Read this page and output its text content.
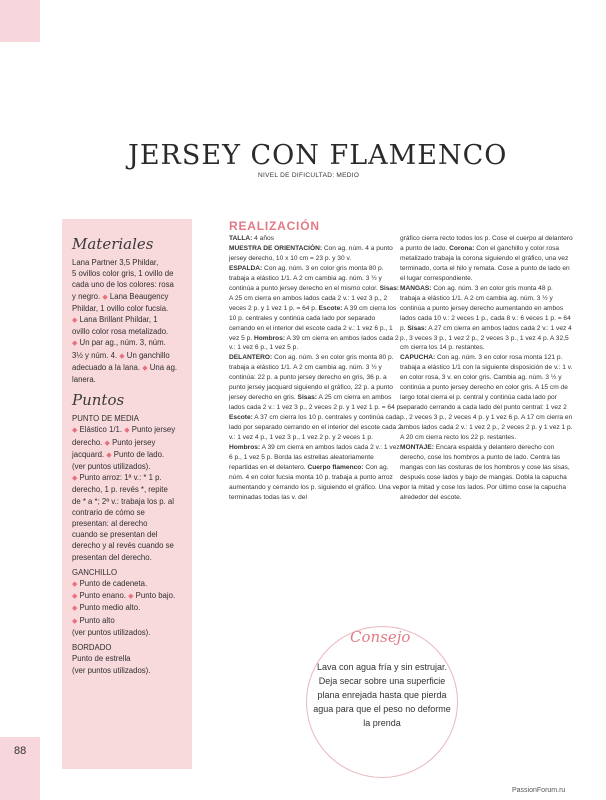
88
JERSEY CON FLAMENCO
NIVEL DE DIFICULTAD: MEDIO
Materiales

Lana Partner 3,5 Phildar,

5 ovillos color gris, 1 ovillo de

cada uno de los colores: rosa

y negro. ◆ Lana Beaugency

Phildar, 1 ovillo color fucsia.

◆ Lana Brillant Phildar, 1

ovillo color rosa metalizado.

◆ Un par ag., núm. 3, núm.

3½ y núm. 4. ◆ Un ganchillo

adecuado a la lana. ◆ Una ag.

lanera.

Puntos

PUNTO DE MEDIA

◆ Elástico 1/1. ◆ Punto jersey

derecho. ◆ Punto jersey

jacquard. ◆ Punto de lado.

(ver puntos utilizados).

◆ Punto arroz: 1ª v.: * 1 p.

derecho, 1 p. revés *, repite

de * a *; 2ª v.: trabaja los p. al

contrario de cómo se

presentan: al derecho

cuando se presentan del

derecho y al revés cuando se

presentan del derecho.

GANCHILLO

◆ Punto de cadeneta.

◆ Punto enano. ◆ Punto bajo.

◆ Punto medio alto.

◆ Punto alto

(ver puntos utilizados).

BORDADO

Punto de estrella

(ver puntos utilizados).

REALIZACIÓN
TALLA: 4 años
MUESTRA DE ORIENTACIÓN: Con ag. núm. 4 a punto jersey derecho, 10 x 10 cm = 23 p. y 30 v.
ESPALDA: Con ag. núm. 3 en color gris monta 80 p. trabaja a elástico 1/1. A 2 cm cambia ag. núm. 3 ½ y continúa a punto jersey derecho en el mismo color. Sisas: A 25 cm cierra en ambos lados cada 2 v.: 1 vez 3 p., 2 veces 2 p. y 1 vez 1 p. = 64 p. Escote: A 39 cm cierra los 10 p. centrales y continúa cada lado por separado cerrando en el interior del escote cada 2 v.: 1 vez 6 p., 1 vez 5 p. Hombros: A 39 cm cierra en ambos lados cada 2 v.: 1 vez 6 p., 1 vez 5 p.
DELANTERO: Con ag. núm. 3 en color gris monta 80 p. trabaja a elástico 1/1. A 2 cm cambia ag. núm. 3 ½ y continúa: 22 p. a punto jersey derecho en gris, 36 p. a punto jersey jacquard siguiendo el gráfico, 22 p. a punto jersey derecho en gris. Sisas: A 25 cm cierra en ambos lados cada 2 v.: 1 vez 3 p., 2 veces 2 p. y 1 vez 1 p. = 64 p. Escote: A 37 cm cierra los 10 p. centrales y continúa cada lado por separado cerrando en el interior del escote cada 2 v.: 1 vez 4 p., 1 vez 3 p., 1 vez 2 p. y 2 veces 1 p. Hombros: A 39 cm cierra en ambos lados cada 2 v.: 1 vez 6 p., 1 vez 5 p. Borda las estrellas aleatoriamente repartidas en el delantero. Cuerpo flamenco: Con ag. núm. 4 en color fucsia monta 10 p. trabaja a punto arroz aumentando y cerrando los p. siguiendo el gráfico. Una vez terminadas todas las v. del
gráfico cierra recto todos los p. Cose el cuerpo al delantero a punto de lado. Corona: Con el ganchillo y color rosa metalizado trabaja la corona siguiendo el gráfico, una vez terminado, corta el hilo y remata. Cose a punto de lado en el lugar correspondiente.
MANGAS: Con ag. núm. 3 en color gris monta 48 p. trabaja a elástico 1/1. A 2 cm cambia ag. núm. 3 ½ y continúa a punto jersey derecho aumentando en ambos lados cada 10 v.: 2 veces 1 p., cada 8 v.: 6 veces 1 p. = 64 p. Sisas: A 27 cm cierra en ambos lados cada 2 v.: 1 vez 4 p., 3 veces 3 p., 1 vez 2 p., 2 veces 3 p., 1 vez 4 p. A 32,5 cm cierra los 14 p. restantes.
CAPUCHA: Con ag. núm. 3 en color rosa monta 121 p. trabaja a elástico 1/1 con la siguiente disposición de v.: 1 v. en color rosa, 3 v. en color gris. Cambia ag. núm. 3 ½ y continúa a punto jersey derecho en color gris. A 15 cm de largo total cierra el p. central y continúa cada lado por separado cerrando a cada lado del punto central: 1 vez 2 p., 2 veces 3 p., 2 veces 4 p. y 1 vez 6 p. A 17 cm cierra en ambos lados cada 2 v.: 1 vez 2 p., 2 veces 2 p. y 1 vez 1 p. A 20 cm cierra recto los 22 p. restantes.
MONTAJE: Encara espalda y delantero derecho con derecho, cose los hombros a punto de lado. Centra las mangas con las costuras de los hombros y cose las sisas, después cose lados y bajo de mangas. Dobla la capucha por la mitad y cose los lados. Por último cose la capucha alrededor del escote.
Consejo
Lava con agua fría y sin estrujar. Deja secar sobre una superficie plana enrejada hasta que pierda agua para que el peso no deforme la prenda
PassionForum.ru
